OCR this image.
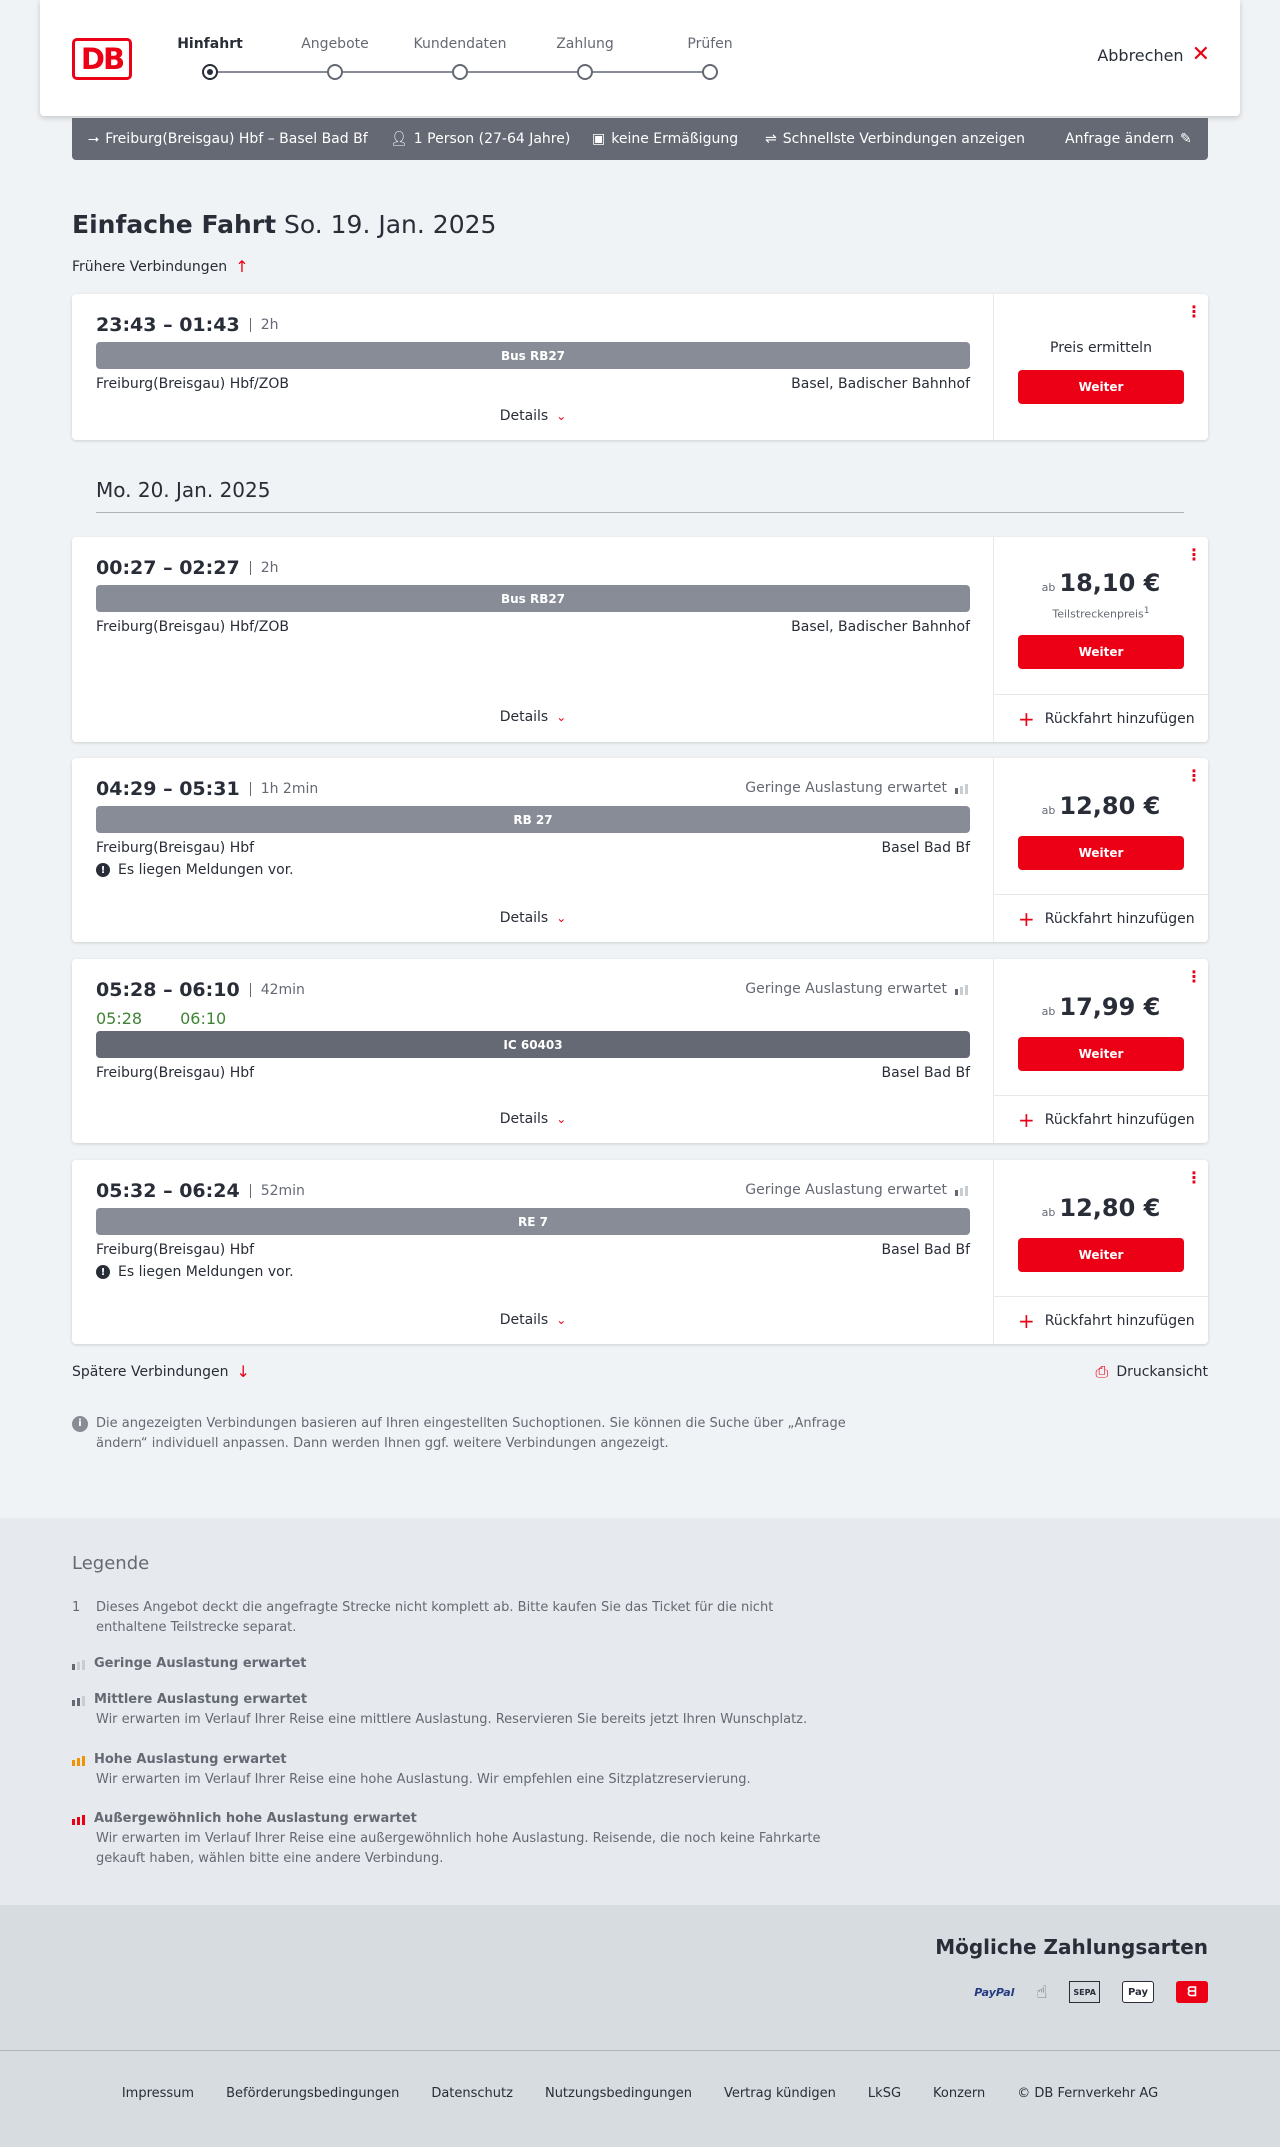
DB	Hinfahrt	Angebote	Kundendaten	Zahlung	Prüfen
Abbrechen ✕
⭢ Freiburg(Breisgau) Hbf – Basel Bad Bf 👤︎ 1 Person (27-64 Jahre) ▣ keine Ermäßigung ⇌ Schnellste Verbindungen anzeigen	Anfrage ändern ✎
Einfache Fahrt So. 19. Jan. 2025
Frühere Verbindungen ↑
23:43 – 01:43	2h
Bus RB27
Freiburg(Breisgau) Hbf/ZOB	Basel, Badischer Bahnhof
Details ⌄
⋮
Preis ermitteln
Weiter
Mo. 20. Jan. 2025
00:27 – 02:27	2h
Bus RB27
Freiburg(Breisgau) Hbf/ZOB	Basel, Badischer Bahnhof
Details ⌄
⋮
ab 18,10 €
Teilstreckenpreis$^1$
Weiter
+ Rückfahrt hinzufügen
04:29 – 05:31	1h 2min	Geringe Auslastung erwartet
RB 27
Freiburg(Breisgau) Hbf	Basel Bad Bf
! Es liegen Meldungen vor.
Details ⌄
⋮
ab 12,80 €
Weiter
+ Rückfahrt hinzufügen
05:28 – 06:10	42min	Geringe Auslastung erwartet
05:28 06:10
IC 60403
Freiburg(Breisgau) Hbf	Basel Bad Bf
Details ⌄
⋮
ab 17,99 €
Weiter
+ Rückfahrt hinzufügen
05:32 – 06:24	52min	Geringe Auslastung erwartet
RE 7
Freiburg(Breisgau) Hbf	Basel Bad Bf
! Es liegen Meldungen vor.
Details ⌄
⋮
ab 12,80 €
Weiter
+ Rückfahrt hinzufügen
Spätere Verbindungen ↓	⎙ Druckansicht
i	Die angezeigten Verbindungen basieren auf Ihren eingestellten Suchoptionen. Sie können die Suche über „Anfrage ändern“ individuell anpassen. Dann werden Ihnen ggf. weitere Verbindungen angezeigt.
Legende
1	Dieses Angebot deckt die angefragte Strecke nicht komplett ab. Bitte kaufen Sie das Ticket für die nicht enthaltene Teilstrecke separat.
Geringe Auslastung erwartet
Mittlere Auslastung erwartet
Wir erwarten im Verlauf Ihrer Reise eine mittlere Auslastung. Reservieren Sie bereits jetzt Ihren Wunschplatz.
Hohe Auslastung erwartet
Wir erwarten im Verlauf Ihrer Reise eine hohe Auslastung. Wir empfehlen eine Sitzplatzreservierung.
Außergewöhnlich hohe Auslastung erwartet
Wir erwarten im Verlauf Ihrer Reise eine außergewöhnlich hohe Auslastung. Reisende, die noch keine Fahrkarte gekauft haben, wählen bitte eine andere Verbindung.
Mögliche Zahlungsarten
PayPal ☝︎	SEPA	Pay	ᗺ
Impressum Beförderungsbedingungen Datenschutz Nutzungsbedingungen Vertrag kündigen LkSG Konzern © DB Fernverkehr AG
